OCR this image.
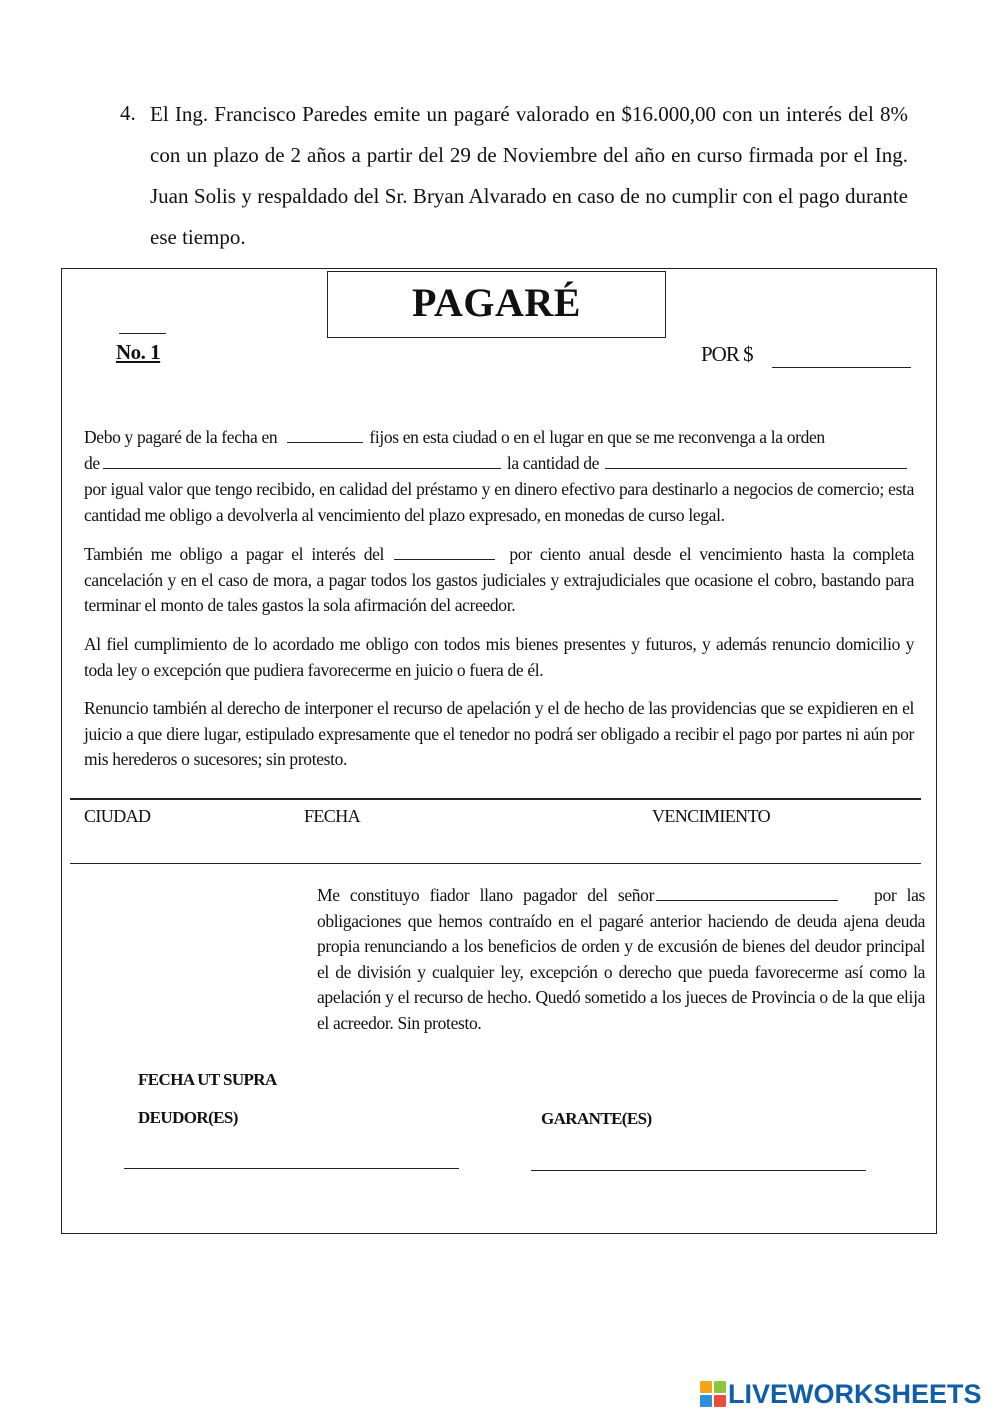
4. El Ing. Francisco Paredes emite un pagaré valorado en $16.000,00 con un interés del 8% con un plazo de 2 años a partir del 29 de Noviembre del año en curso firmada por el Ing. Juan Solis y respaldado del Sr. Bryan Alvarado en caso de no cumplir con el pago durante ese tiempo.
PAGARÉ
No. 1	POR $
Debo y pagaré de la fecha en	fijos en esta ciudad o en el lugar en que se me reconvenga a la orden
de	la cantidad de
por igual valor que tengo recibido, en calidad del préstamo y en dinero efectivo para destinarlo a negocios de comercio; esta cantidad me obligo a devolverla al vencimiento del plazo expresado, en monedas de curso legal.
También me obligo a pagar el interés del	por ciento anual desde el vencimiento hasta la completa cancelación y en el caso de mora, a pagar todos los gastos judiciales y extrajudiciales que ocasione el cobro, bastando para terminar el monto de tales gastos la sola afirmación del acreedor.
Al fiel cumplimiento de lo acordado me obligo con todos mis bienes presentes y futuros, y además renuncio domicilio y toda ley o excepción que pudiera favorecerme en juicio o fuera de él.
Renuncio también al derecho de interponer el recurso de apelación y el de hecho de las providencias que se expidieren en el juicio a que diere lugar, estipulado expresamente que el tenedor no podrá ser obligado a recibir el pago por partes ni aún por mis herederos o sucesores; sin protesto.
CIUDAD	FECHA	VENCIMIENTO
Me constituyo fiador llano pagador del señor	por las obligaciones que hemos contraído en el pagaré anterior haciendo de deuda ajena deuda propia renunciando a los beneficios de orden y de excusión de bienes del deudor principal el de división y cualquier ley, excepción o derecho que pueda favorecerme así como la apelación y el recurso de hecho. Quedó sometido a los jueces de Provincia o de la que elija el acreedor. Sin protesto.
FECHA UT SUPRA
DEUDOR(ES)	GARANTE(ES)
LIVEWORKSHEETS
